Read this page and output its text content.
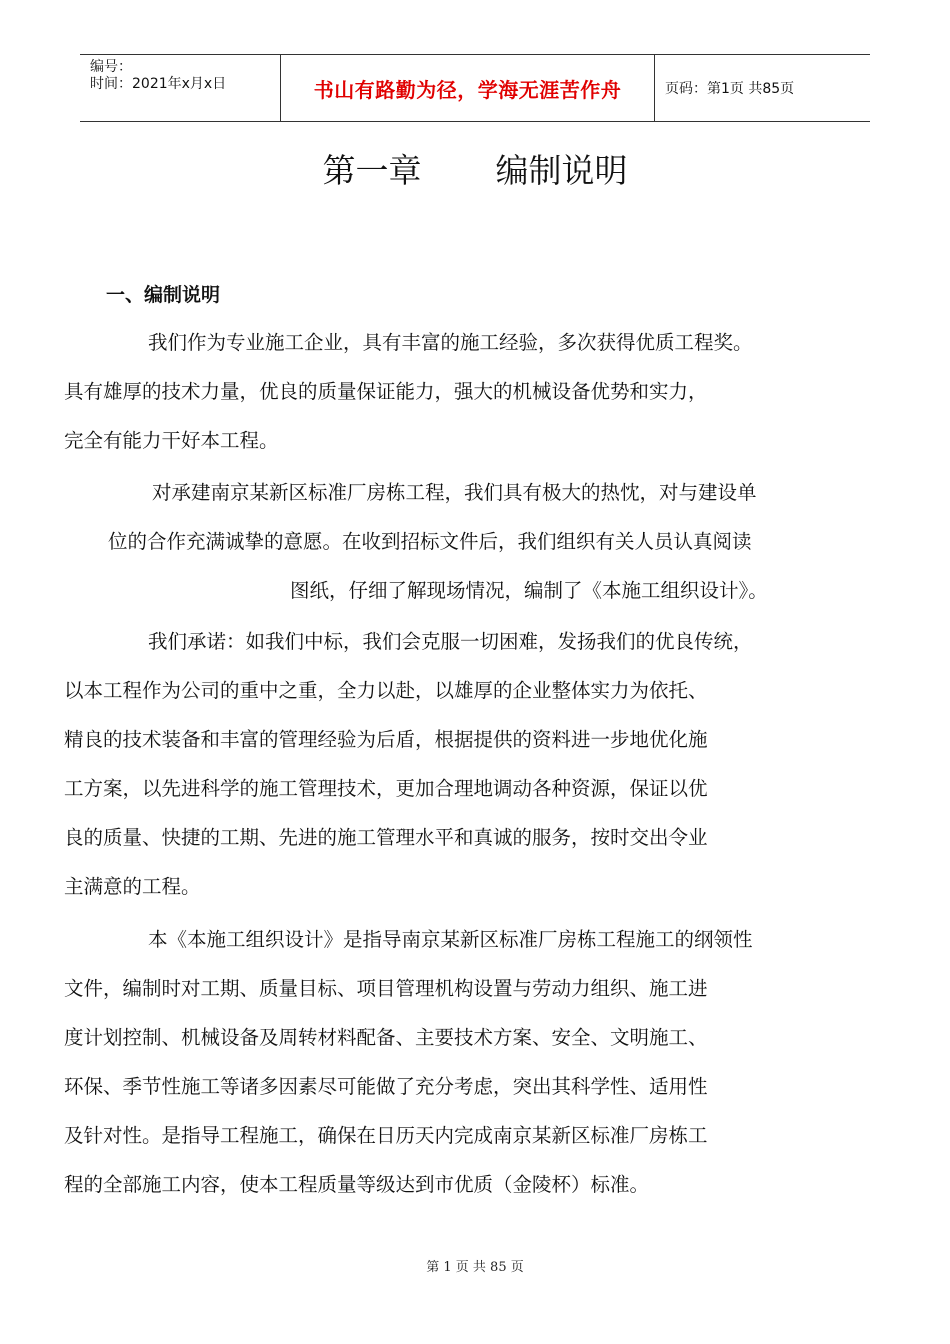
编号：
时间：2021年x月x日	书山有路勤为径，学海无涯苦作舟	页码：第1页 共85页
第一章 编制说明
一、编制说明
我们作为专业施工企业，具有丰富的施工经验，多次获得优质工程奖。
具有雄厚的技术力量，优良的质量保证能力，强大的机械设备优势和实力，
完全有能力干好本工程。
对承建南京某新区标准厂房栋工程，我们具有极大的热忱，对与建设单
位的合作充满诚挚的意愿。在收到招标文件后，我们组织有关人员认真阅读
图纸，仔细了解现场情况，编制了《本施工组织设计》。
我们承诺：如我们中标，我们会克服一切困难，发扬我们的优良传统，
以本工程作为公司的重中之重，全力以赴，以雄厚的企业整体实力为依托、
精良的技术装备和丰富的管理经验为后盾，根据提供的资料进一步地优化施
工方案，以先进科学的施工管理技术，更加合理地调动各种资源，保证以优
良的质量、快捷的工期、先进的施工管理水平和真诚的服务，按时交出令业
主满意的工程。
本《本施工组织设计》是指导南京某新区标准厂房栋工程施工的纲领性
文件，编制时对工期、质量目标、项目管理机构设置与劳动力组织、施工进
度计划控制、机械设备及周转材料配备、主要技术方案、安全、文明施工、
环保、季节性施工等诸多因素尽可能做了充分考虑，突出其科学性、适用性
及针对性。是指导工程施工，确保在日历天内完成南京某新区标准厂房栋工
程的全部施工内容，使本工程质量等级达到市优质（金陵杯）标准。
第 1 页 共 85 页
